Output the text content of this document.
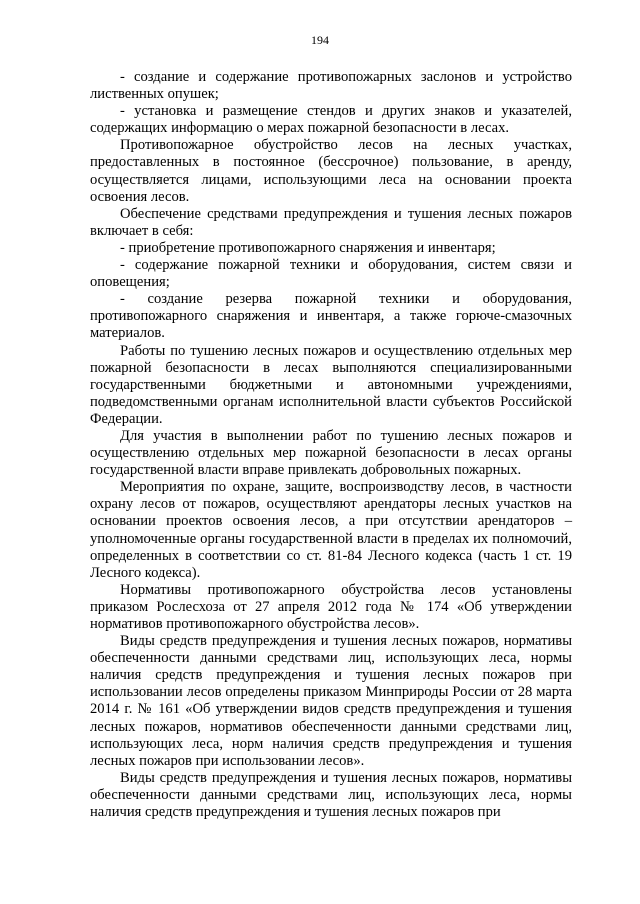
194

- создание и содержание противопожарных заслонов и устройство лиственных опушек;

- установка и размещение стендов и других знаков и указателей, содержащих информацию о мерах пожарной безопасности в лесах.

Противопожарное обустройство лесов на лесных участках, предоставленных в постоянное (бессрочное) пользование, в аренду, осуществляется лицами, использующими леса на основании проекта освоения лесов.

Обеспечение средствами предупреждения и тушения лесных пожаров включает в себя:

- приобретение противопожарного снаряжения и инвентаря;

- содержание пожарной техники и оборудования, систем связи и оповещения;

- создание резерва пожарной техники и оборудования, противопожарного снаряжения и инвентаря, а также горюче-смазочных материалов.

Работы по тушению лесных пожаров и осуществлению отдельных мер пожарной безопасности в лесах выполняются специализированными государственными бюджетными и автономными учреждениями, подведомственными органам исполнительной власти субъектов Российской Федерации.

Для участия в выполнении работ по тушению лесных пожаров и осуществлению отдельных мер пожарной безопасности в лесах органы государственной власти вправе привлекать добровольных пожарных.

Мероприятия по охране, защите, воспроизводству лесов, в частности охрану лесов от пожаров, осуществляют арендаторы лесных участков на основании проектов освоения лесов, а при отсутствии арендаторов – уполномоченные органы государственной власти в пределах их полномочий, определенных в соответствии со ст. 81-84 Лесного кодекса (часть 1 ст. 19 Лесного кодекса).

Нормативы противопожарного обустройства лесов установлены приказом Рослесхоза от 27 апреля 2012 года № 174 «Об утверждении нормативов противопожарного обустройства лесов».

Виды средств предупреждения и тушения лесных пожаров, нормативы обеспеченности данными средствами лиц, использующих леса, нормы наличия средств предупреждения и тушения лесных пожаров при использовании лесов определены приказом Минприроды России от 28 марта 2014 г. № 161 «Об утверждении видов средств предупреждения и тушения лесных пожаров, нормативов обеспеченности данными средствами лиц, использующих леса, норм наличия средств предупреждения и тушения лесных пожаров при использовании лесов».

Виды средств предупреждения и тушения лесных пожаров, нормативы обеспеченности данными средствами лиц, использующих леса, нормы наличия средств предупреждения и тушения лесных пожаров при
